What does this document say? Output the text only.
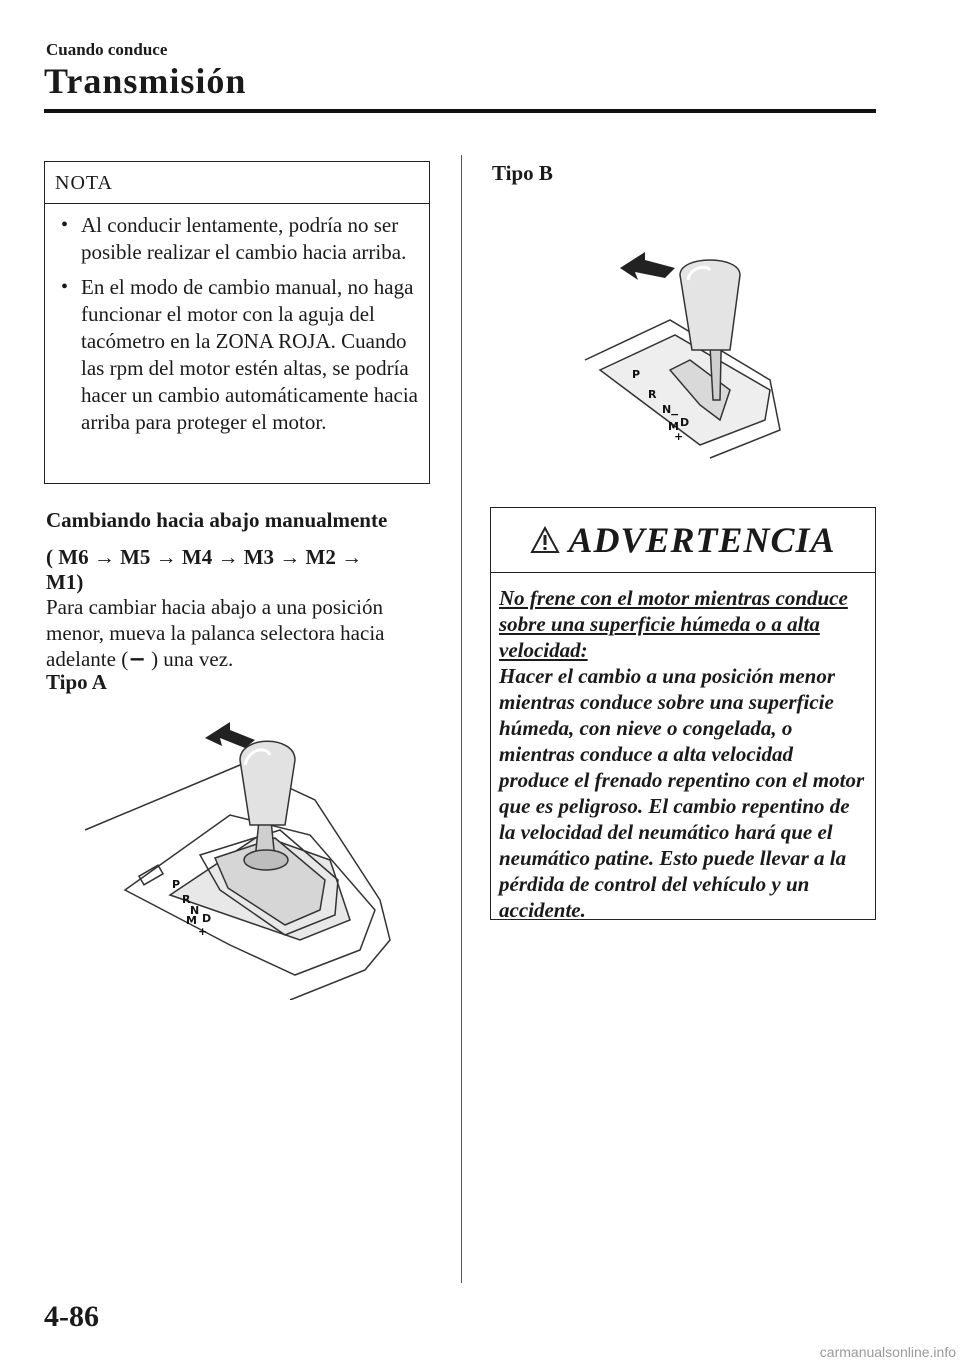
Cuando conduce
Transmisión
NOTA
• Al conducir lentamente, podría no ser posible realizar el cambio hacia arriba.
• En el modo de cambio manual, no haga funcionar el motor con la aguja del tacómetro en la ZONA ROJA. Cuando las rpm del motor estén altas, se podría hacer un cambio automáticamente hacia arriba para proteger el motor.
Cambiando hacia abajo manualmente
( M6 → M5 → M4 → M3 → M2 →
M1)
Para cambiar hacia abajo a una posición
menor, mueva la palanca selectora hacia
adelante (− ) una vez.
Tipo A
P
R
N
M D
+
Tipo B
P
R
N
M D
+
−
ADVERTENCIA
No frene con el motor mientras conduce sobre una superficie húmeda o a alta velocidad:
Hacer el cambio a una posición menor mientras conduce sobre una superficie húmeda, con nieve o congelada, o mientras conduce a alta velocidad produce el frenado repentino con el motor que es peligroso. El cambio repentino de la velocidad del neumático hará que el neumático patine. Esto puede llevar a la pérdida de control del vehículo y un accidente.
4-86
carmanualsonline.info
